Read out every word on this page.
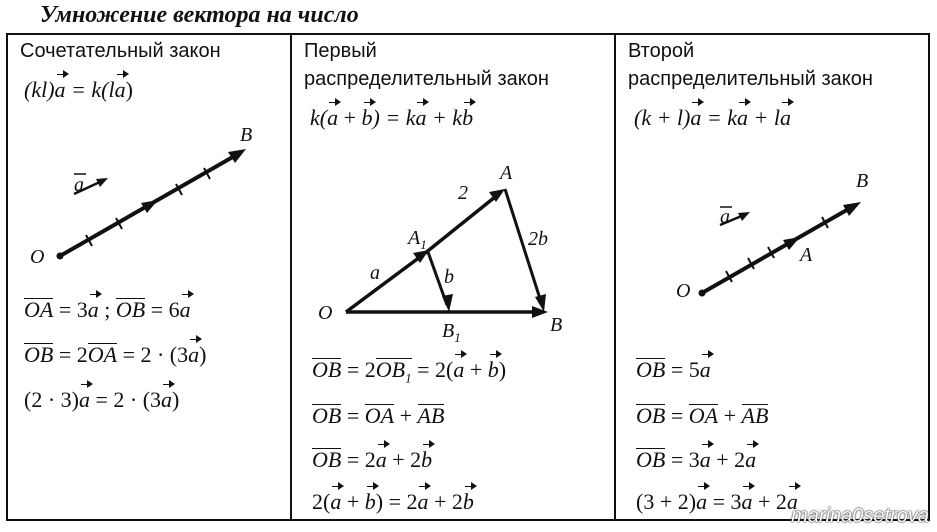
Умножение вектора на число
Сочетательный закон
(kl)a = k(la)
B
O
a
OA = 3a ; OB = 6a
OB = 2OA = 2 · (3a)
(2 · 3)a = 2 · (3a)
Первый
распределительный закон
k(a + b) = ka + kb
O
A
$A_1$
B
$B_1$
a	b
2
2b
OB = $2OB_1 = 2(a + b)$
OB = OA + AB
OB = 2a + 2b
2(a + b) = 2a + 2b
Второй
распределительный закон
(k + l)a = ka + la
B
A
O
a
OB = 5a
OB = OA + AB
OB = 3a + 2a
(3 + 2)a = 3a + 2a
marina0setrova
